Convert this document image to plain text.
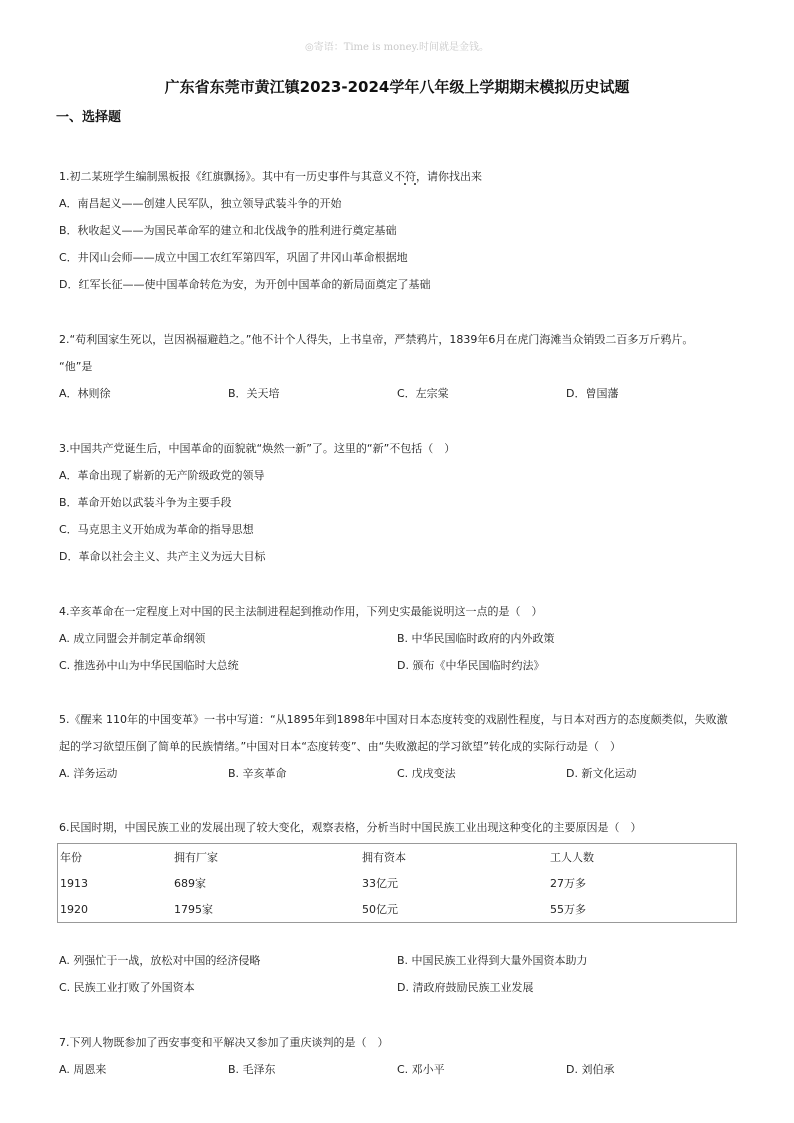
◎寄语：Time is money.时间就是金钱。
广东省东莞市黄江镇2023-2024学年八年级上学期期末模拟历史试题
一、选择题
1.初二某班学生编制黑板报《红旗飘扬》。其中有一历史事件与其意义不符，请你找出来
A．南昌起义——创建人民军队，独立领导武装斗争的开始
B．秋收起义——为国民革命军的建立和北伐战争的胜利进行奠定基础
C．井冈山会师——成立中国工农红军第四军，巩固了井冈山革命根据地
D．红军长征——使中国革命转危为安，为开创中国革命的新局面奠定了基础
2.“苟利国家生死以，岂因祸福避趋之。”他不计个人得失，上书皇帝，严禁鸦片，1839年6月在虎门海滩当众销毁二百多万斤鸦片。
“他”是
A．林则徐	B．关天培	C．左宗棠	D．曾国藩
3.中国共产党诞生后，中国革命的面貌就“焕然一新”了。这里的“新”不包括（　）
A．革命出现了崭新的无产阶级政党的领导
B．革命开始以武装斗争为主要手段
C．马克思主义开始成为革命的指导思想
D．革命以社会主义、共产主义为远大目标
4.辛亥革命在一定程度上对中国的民主法制进程起到推动作用，下列史实最能说明这一点的是（　）
A. 成立同盟会并制定革命纲领	B. 中华民国临时政府的内外政策
C. 推选孙中山为中华民国临时大总统	D. 颁布《中华民国临时约法》
5.《醒来 110年的中国变革》一书中写道：“从1895年到1898年中国对日本态度转变的戏剧性程度，与日本对西方的态度颇类似，失败激
起的学习欲望压倒了简单的民族情绪。”中国对日本“态度转变”、由“失败激起的学习欲望”转化成的实际行动是（　）
A. 洋务运动	B. 辛亥革命	C. 戊戌变法	D. 新文化运动
6.民国时期，中国民族工业的发展出现了较大变化，观察表格，分析当时中国民族工业出现这种变化的主要原因是（　）
年份	拥有厂家	拥有资本	工人人数
1913	689家	33亿元	27万多
1920	1795家	50亿元	55万多
A. 列强忙于一战，放松对中国的经济侵略	B. 中国民族工业得到大量外国资本助力
C. 民族工业打败了外国资本	D. 清政府鼓励民族工业发展
7.下列人物既参加了西安事变和平解决又参加了重庆谈判的是（　）
A. 周恩来	B. 毛泽东	C. 邓小平	D. 刘伯承
